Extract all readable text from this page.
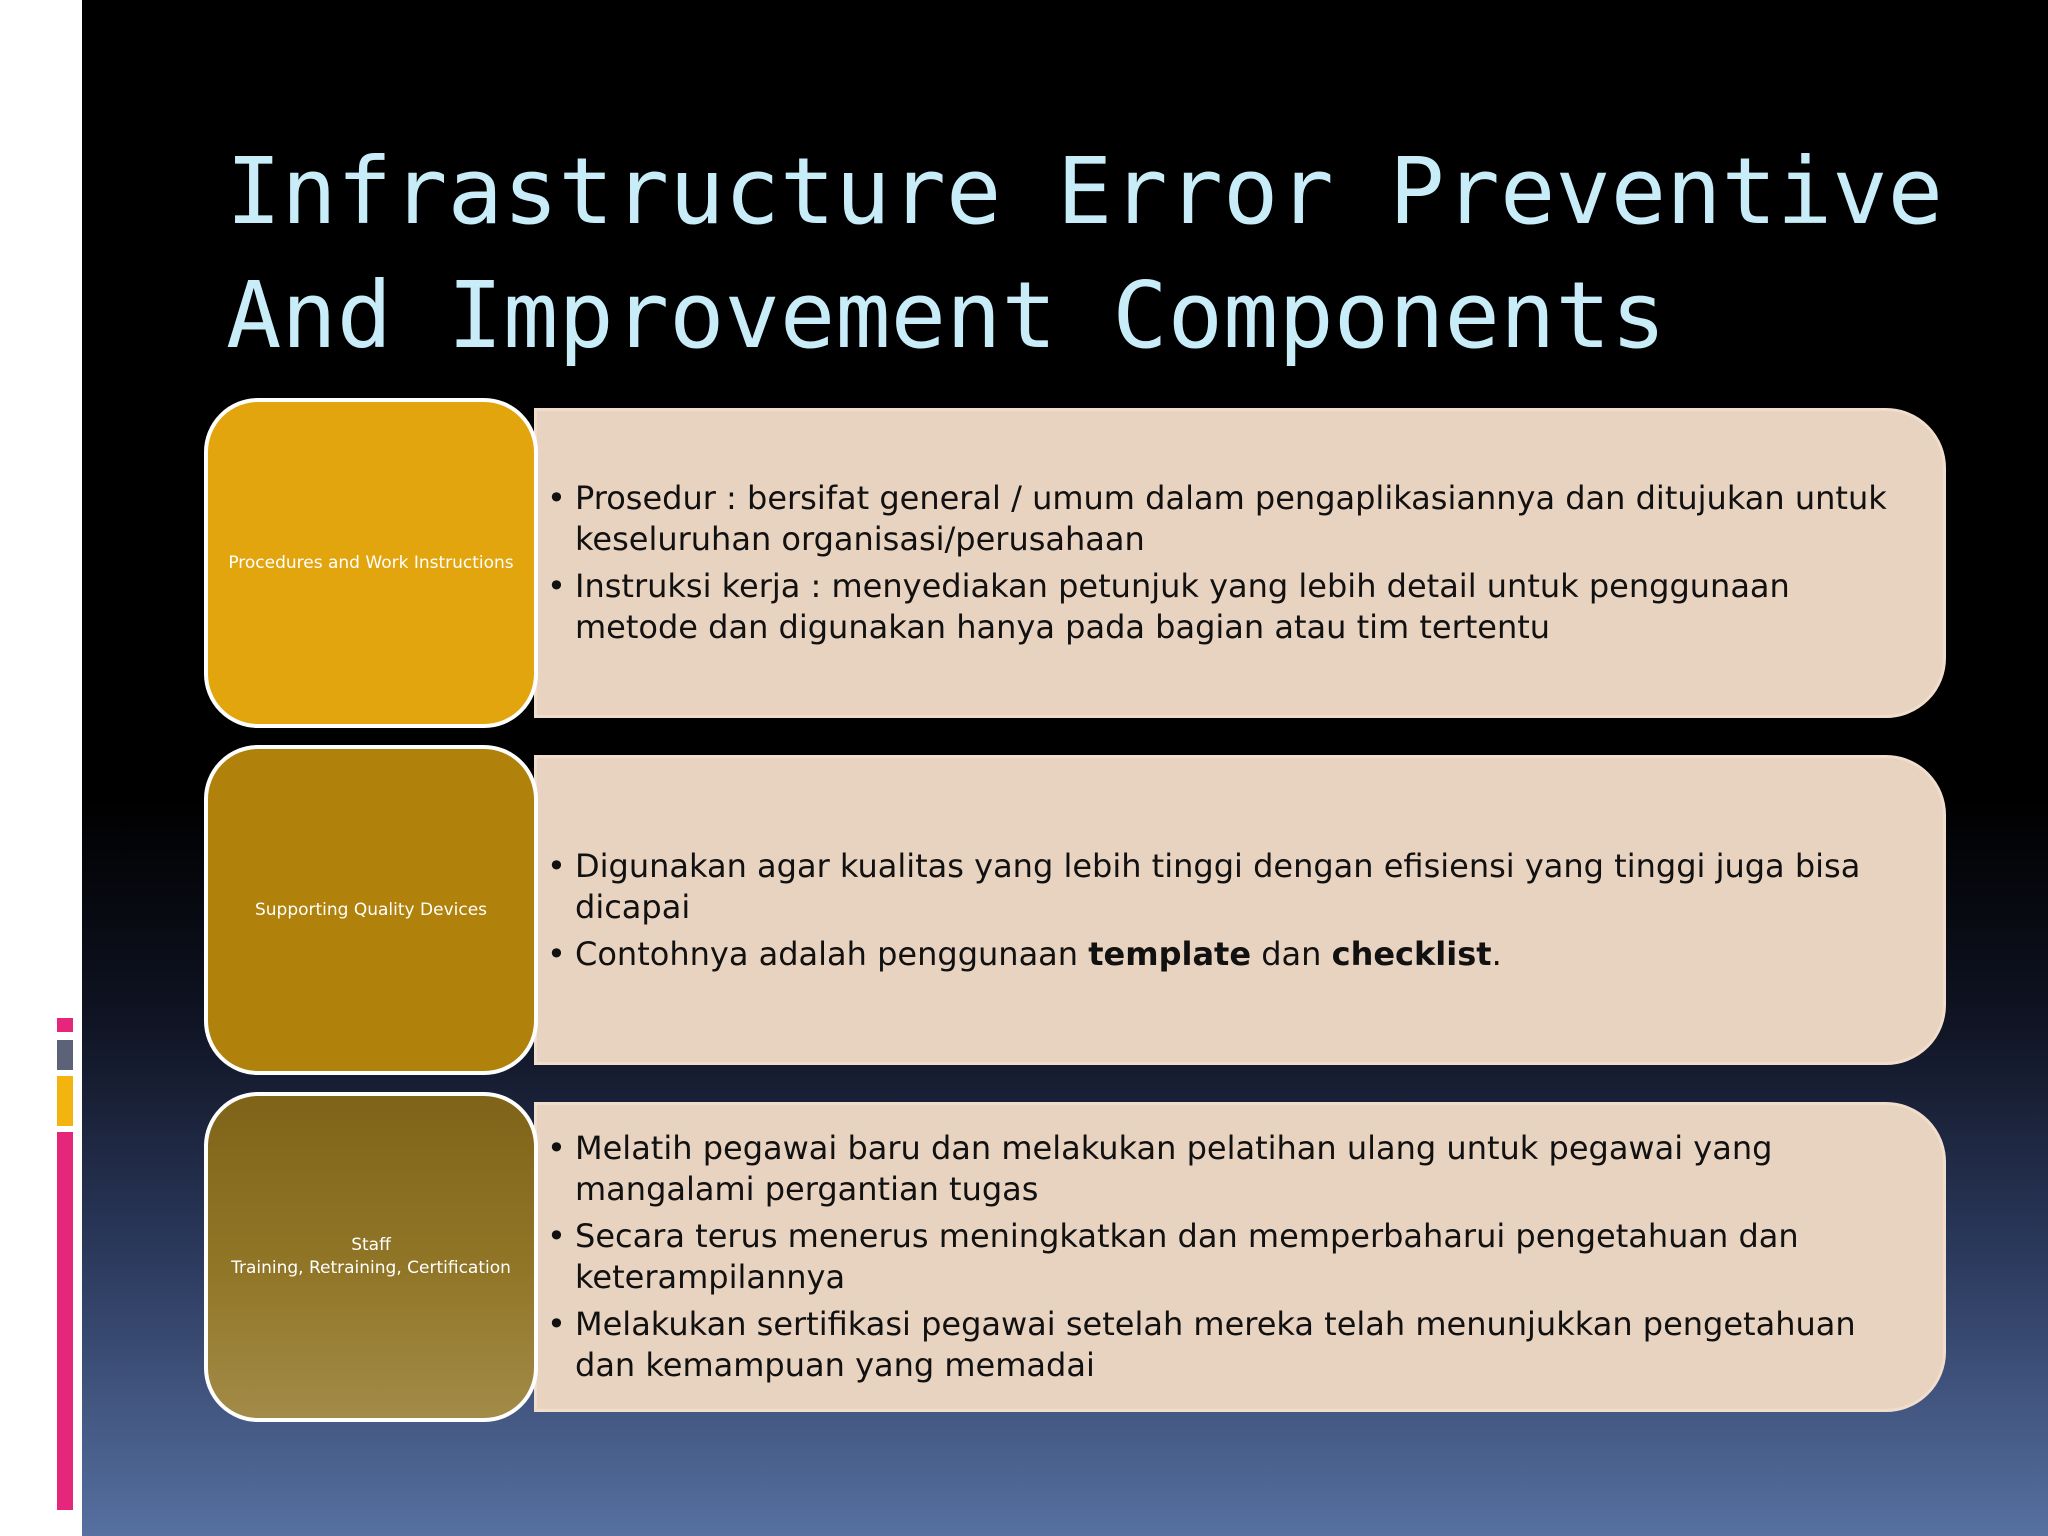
Infrastructure Error Preventive
And Improvement Components
Procedures and Work Instructions
• Prosedur : bersifat general / umum dalam pengaplikasiannya dan ditujukan untuk keseluruhan organisasi/perusahaan
• Instruksi kerja : menyediakan petunjuk yang lebih detail untuk penggunaan metode dan digunakan hanya pada bagian atau tim tertentu
Supporting Quality Devices
• Digunakan agar kualitas yang lebih tinggi dengan efisiensi yang tinggi juga bisa dicapai
• Contohnya adalah penggunaan template dan checklist.
Staff
Training, Retraining, Certification
• Melatih pegawai baru dan melakukan pelatihan ulang untuk pegawai yang mangalami pergantian tugas
• Secara terus menerus meningkatkan dan memperbaharui pengetahuan dan keterampilannya
• Melakukan sertifikasi pegawai setelah mereka telah menunjukkan pengetahuan dan kemampuan yang memadai
